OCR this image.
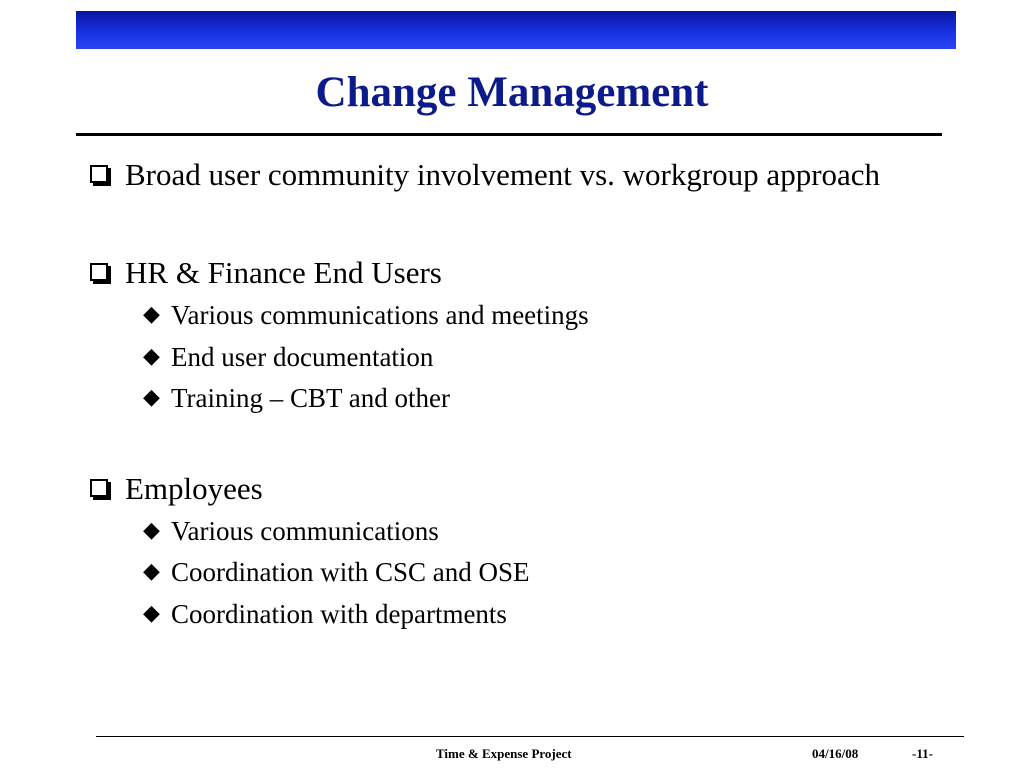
Change Management
Broad user community involvement vs. workgroup approach
HR & Finance End Users
◆ Various communications and meetings
◆ End user documentation
◆ Training – CBT and other
Employees
◆ Various communications
◆ Coordination with CSC and OSE
◆ Coordination with departments
Time & Expense Project	04/16/08	-11-
